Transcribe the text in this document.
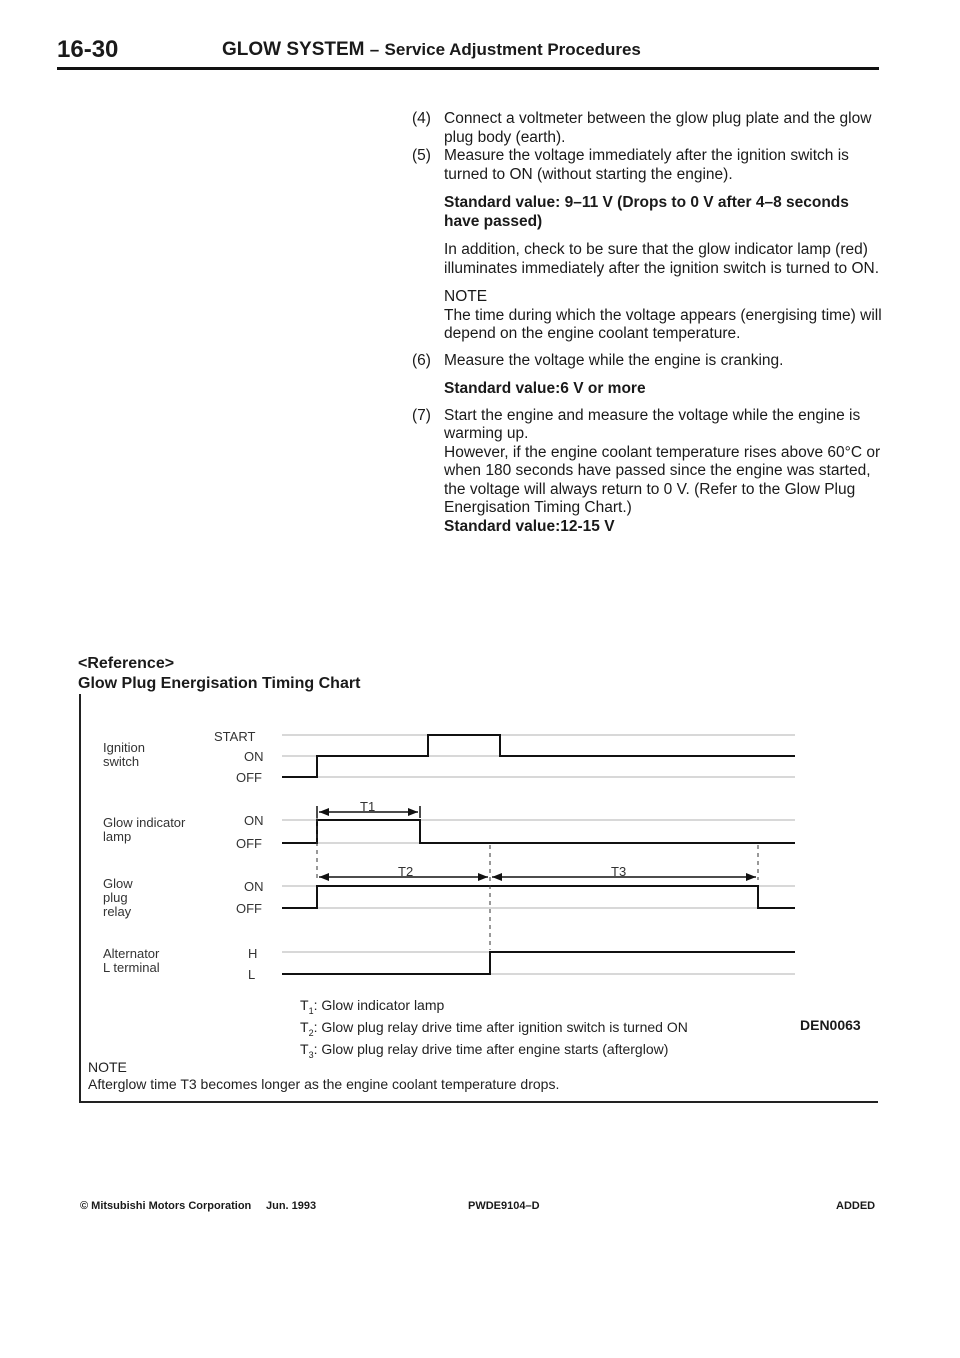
16-30	GLOW SYSTEM – Service Adjustment Procedures
(4) Connect a voltmeter between the glow plug plate and the glow plug body (earth).

(5) Measure the voltage immediately after the ignition switch is turned to ON (without starting the engine).

Standard value: 9–11 V (Drops to 0 V after 4–8 seconds have passed)

In addition, check to be sure that the glow indicator lamp (red) illuminates immediately after the ignition switch is turned to ON.

NOTE

The time during which the voltage appears (energising time) will depend on the engine coolant temperature.

(6) Measure the voltage while the engine is cranking.

Standard value:6 V or more

(7) Start the engine and measure the voltage while the engine is warming up.

However, if the engine coolant temperature rises above 60°C or when 180 seconds have passed since the engine was started, the voltage will always return to 0 V. (Refer to the Glow Plug Energisation Timing Chart.)

Standard value:12-15 V

<Reference>
Glow Plug Energisation Timing Chart
Ignition
switch
Glow indicator
lamp
Glow
plug
relay
Alternator
L terminal
START
ON
OFF
ON
OFF
ON
OFF
H
L
T1
T2	T3
$T_1$: Glow indicator lamp
$T_2$: Glow plug relay drive time after ignition switch is turned ON
$T_3$: Glow plug relay drive time after engine starts (afterglow)
DEN0063
NOTE
Afterglow time T3 becomes longer as the engine coolant temperature drops.
© Mitsubishi Motors Corporation Jun. 1993	PWDE9104–D	ADDED
